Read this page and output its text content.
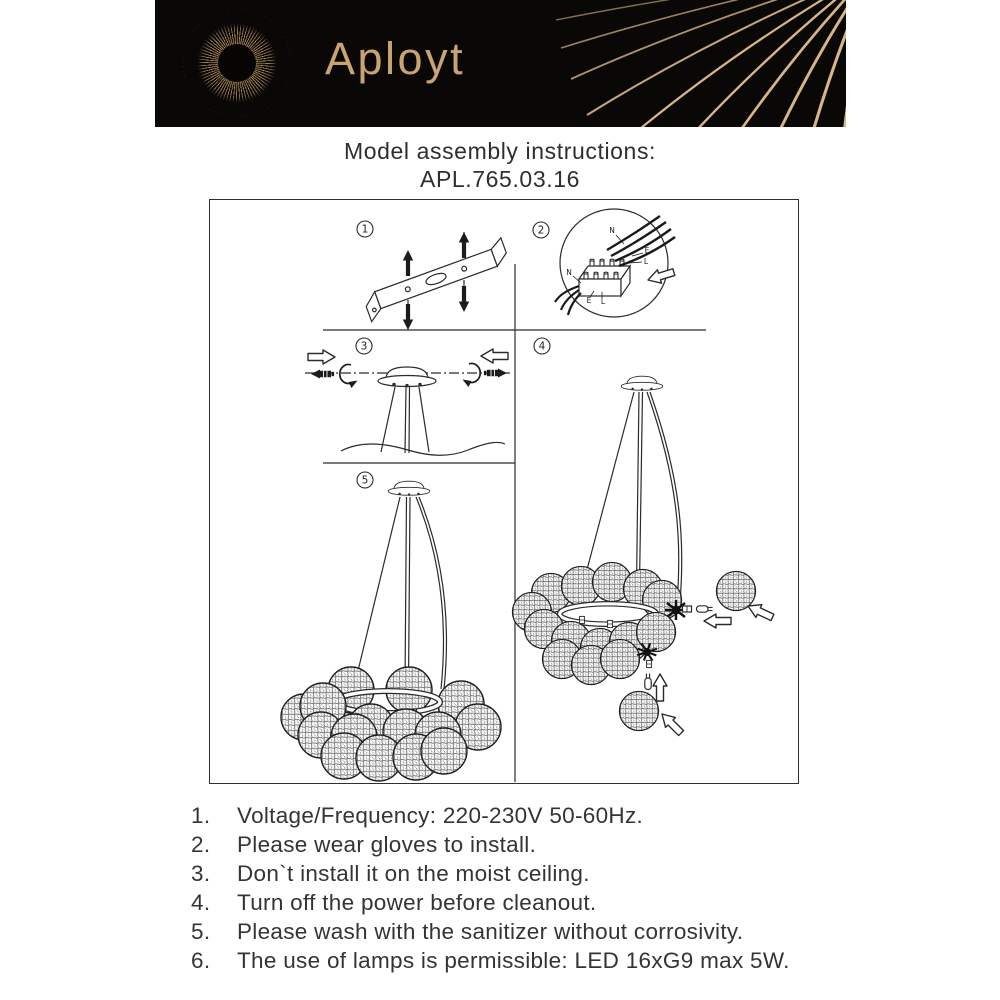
Aployt
Model assembly instructions:
APL.765.03.16
1	2	N
E
L
N
E L
3	4
5
1. Voltage/Frequency: 220-230V 50-60Hz.
2. Please wear gloves to install.
3. Don`t install it on the moist ceiling.
4. Turn off the power before cleanout.
5. Please wash with the sanitizer without corrosivity.
6. The use of lamps is permissible: LED 16xG9 max 5W.
